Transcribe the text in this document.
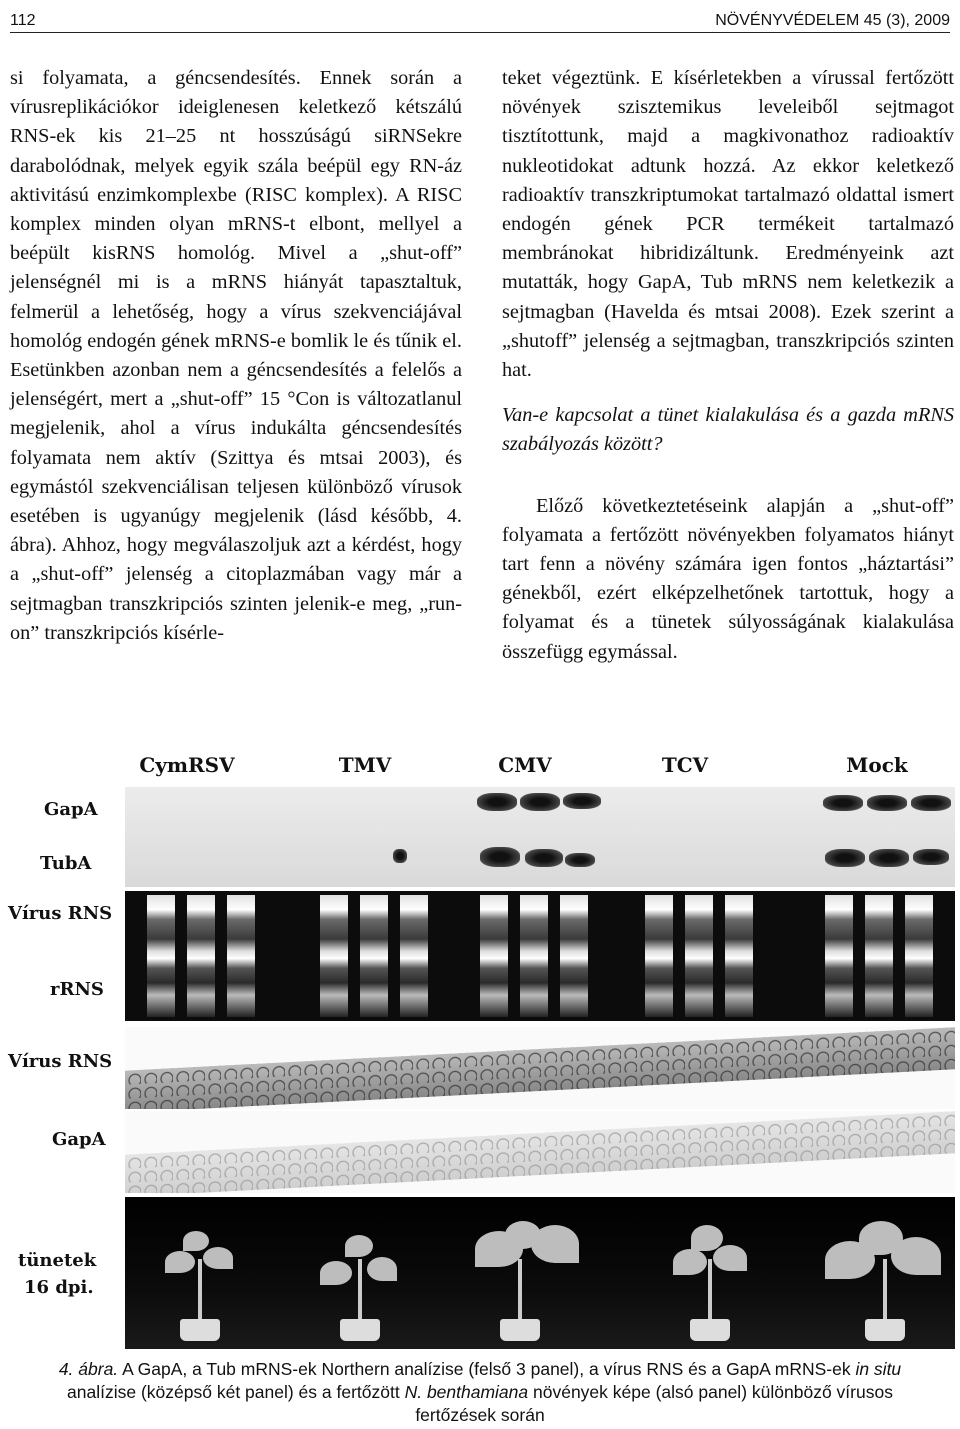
112	NÖVÉNYVÉDELEM 45 (3), 2009

si folyamata, a géncsendesítés. Ennek során a vírusreplikációkor ideiglenesen keletkező kétszálú RNS-ek kis 21–25 nt hosszúságú siRNSekre darabolódnak, melyek egyik szála beépül egy RN-áz aktivitású enzimkomplexbe (RISC komplex). A RISC komplex minden olyan mRNS-t elbont, mellyel a beépült kisRNS homológ. Mivel a „shut-off” jelenségnél mi is a mRNS hiányát tapasztaltuk, felmerül a lehetőség, hogy a vírus szekvenciájával homológ endogén gének mRNS-e bomlik le és tűnik el. Esetünkben azonban nem a géncsendesítés a felelős a jelenségért, mert a „shut-off” 15 °Con is változatlanul megjelenik, ahol a vírus indukálta géncsendesítés folyamata nem aktív (Szittya és mtsai 2003), és egymástól szekvenciálisan teljesen különböző vírusok esetében is ugyanúgy megjelenik (lásd később, 4. ábra). Ahhoz, hogy megválaszoljuk azt a kérdést, hogy a „shut-off” jelenség a citoplazmában vagy már a sejtmagban transzkripciós szinten jelenik-e meg, „run-on” transzkripciós kísérle-

teket végeztünk. E kísérletekben a vírussal fertőzött növények szisztemikus leveleiből sejtmagot tisztítottunk, majd a magkivonathoz radioaktív nukleotidokat adtunk hozzá. Az ekkor keletkező radioaktív transzkriptumokat tartalmazó oldattal ismert endogén gének PCR termékeit tartalmazó membránokat hibridizáltunk. Eredményeink azt mutatták, hogy GapA, Tub mRNS nem keletkezik a sejtmagban (Havelda és mtsai 2008). Ezek szerint a „shutoff” jelenség a sejtmagban, transzkripciós szinten hat.

Van-e kapcsolat a tünet kialakulása és a gazda mRNS szabályozás között?

Előző következtetéseink alapján a „shut-off” folyamata a fertőzött növényekben folyamatos hiányt tart fenn a növény számára igen fontos „háztartási” génekből, ezért elképzelhetőnek tartottuk, hogy a folyamat és a tünetek súlyosságának kialakulása összefügg egymással.

CymRSV	TMV	CMV	TCV	Mock
GapA
TubA
Vírus RNS
rRNS
Vírus RNS
GapA
tünetek
16 dpi.
4. ábra. A GapA, a Tub mRNS-ek Northern analízise (felső 3 panel), a vírus RNS és a GapA mRNS-ek in situ analízise (középső két panel) és a fertőzött N. benthamiana növények képe (alsó panel) különböző vírusos fertőzések során
